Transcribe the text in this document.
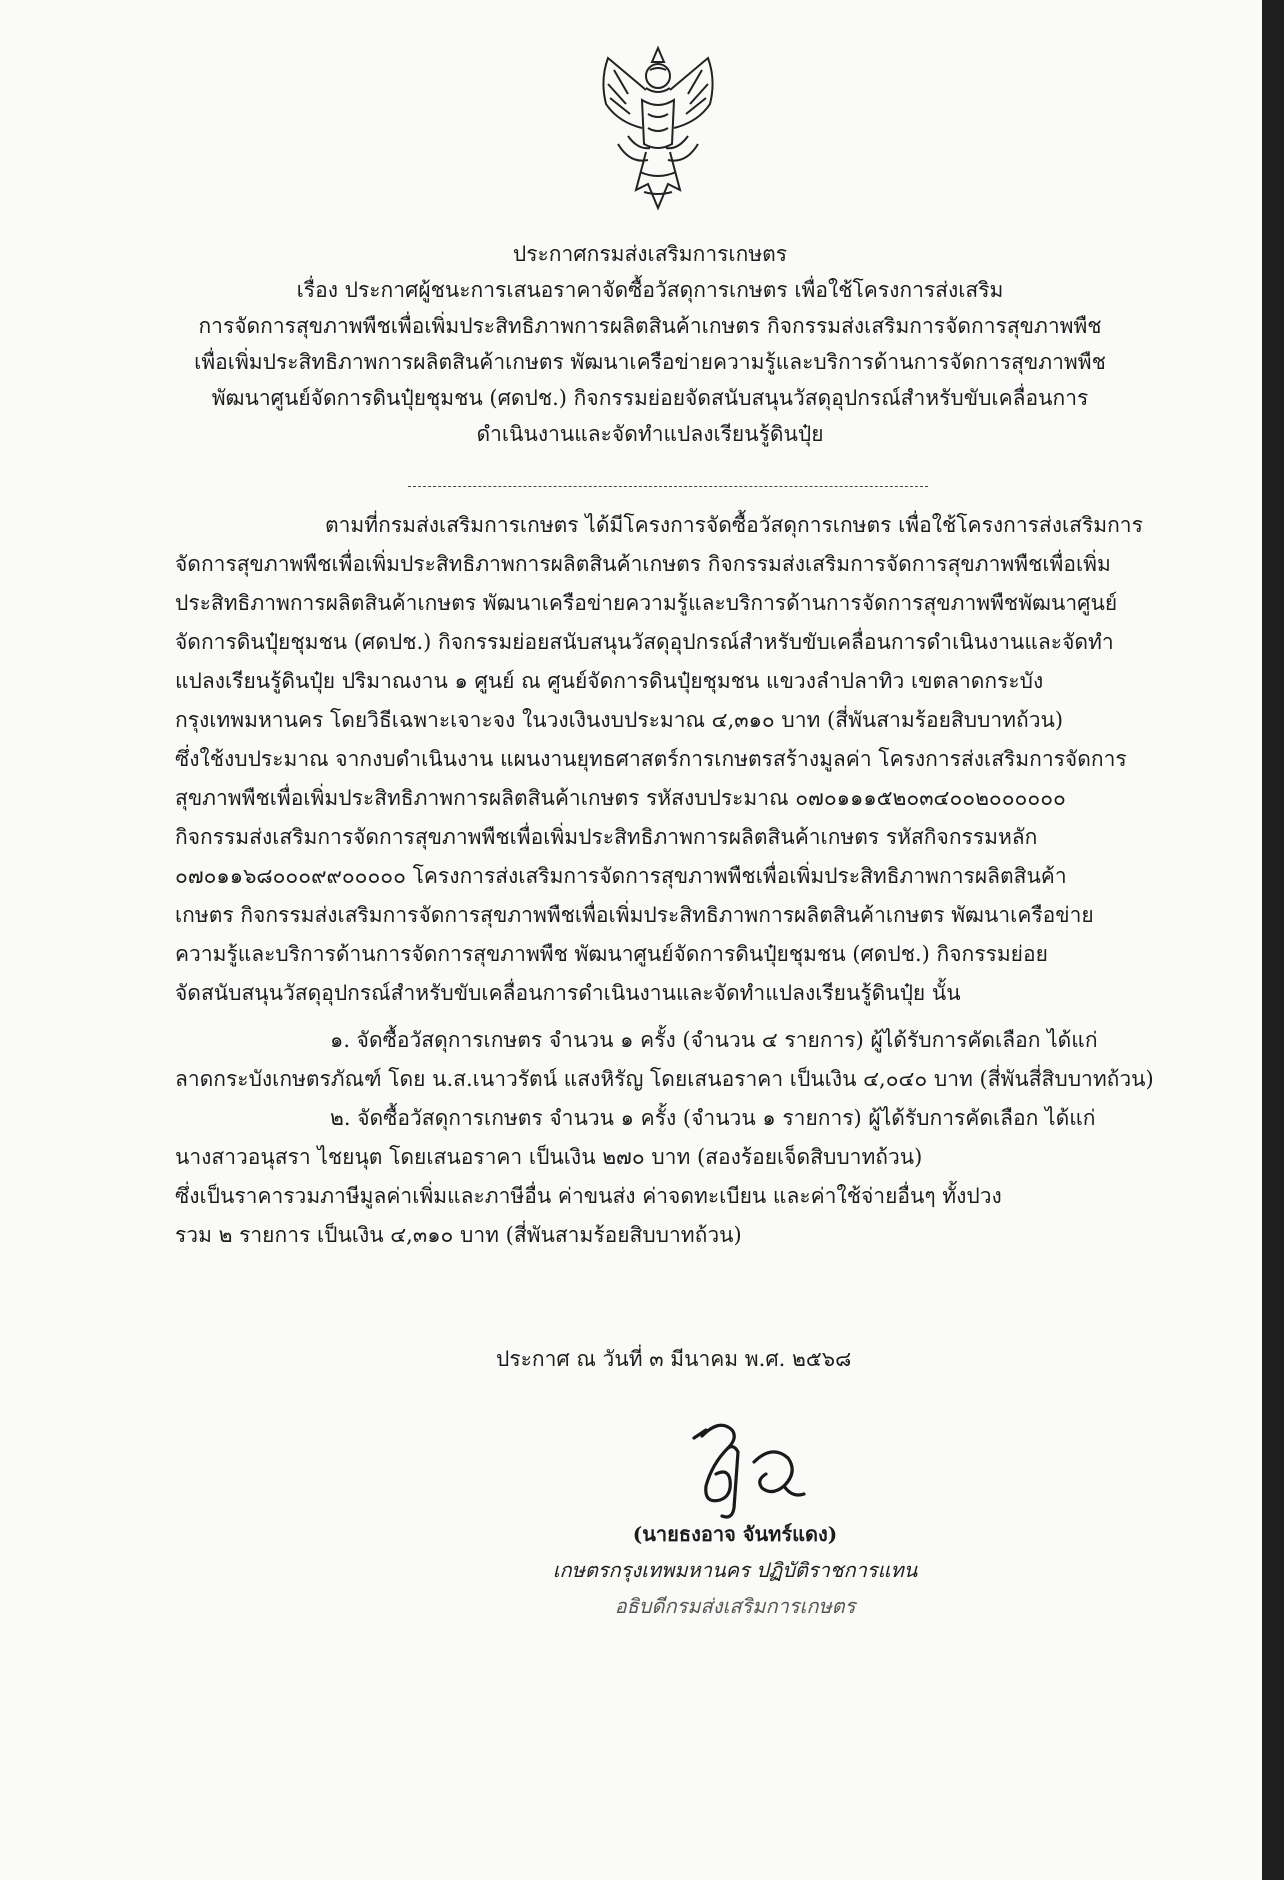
ประกาศกรมส่งเสริมการเกษตร
เรื่อง ประกาศผู้ชนะการเสนอราคาจัดซื้อวัสดุการเกษตร เพื่อใช้โครงการส่งเสริม
การจัดการสุขภาพพืชเพื่อเพิ่มประสิทธิภาพการผลิตสินค้าเกษตร กิจกรรมส่งเสริมการจัดการสุขภาพพืช
เพื่อเพิ่มประสิทธิภาพการผลิตสินค้าเกษตร พัฒนาเครือข่ายความรู้และบริการด้านการจัดการสุขภาพพืช
พัฒนาศูนย์จัดการดินปุ๋ยชุมชน (ศดปช.) กิจกรรมย่อยจัดสนับสนุนวัสดุอุปกรณ์สำหรับขับเคลื่อนการ
ดำเนินงานและจัดทำแปลงเรียนรู้ดินปุ๋ย
ตามที่กรมส่งเสริมการเกษตร ได้มีโครงการจัดซื้อวัสดุการเกษตร เพื่อใช้โครงการส่งเสริมการ
จัดการสุขภาพพืชเพื่อเพิ่มประสิทธิภาพการผลิตสินค้าเกษตร กิจกรรมส่งเสริมการจัดการสุขภาพพืชเพื่อเพิ่ม
ประสิทธิภาพการผลิตสินค้าเกษตร พัฒนาเครือข่ายความรู้และบริการด้านการจัดการสุขภาพพืชพัฒนาศูนย์
จัดการดินปุ๋ยชุมชน (ศดปช.) กิจกรรมย่อยสนับสนุนวัสดุอุปกรณ์สำหรับขับเคลื่อนการดำเนินงานและจัดทำ
แปลงเรียนรู้ดินปุ๋ย ปริมาณงาน ๑ ศูนย์ ณ ศูนย์จัดการดินปุ๋ยชุมชน แขวงลำปลาทิว เขตลาดกระบัง
กรุงเทพมหานคร โดยวิธีเฉพาะเจาะจง ในวงเงินงบประมาณ ๔,๓๑๐ บาท (สี่พันสามร้อยสิบบาทถ้วน)
ซึ่งใช้งบประมาณ จากงบดำเนินงาน แผนงานยุทธศาสตร์การเกษตรสร้างมูลค่า โครงการส่งเสริมการจัดการ
สุขภาพพืชเพื่อเพิ่มประสิทธิภาพการผลิตสินค้าเกษตร รหัสงบประมาณ ๐๗๐๑๑๑๕๒๐๓๔๐๐๒๐๐๐๐๐๐
กิจกรรมส่งเสริมการจัดการสุขภาพพืชเพื่อเพิ่มประสิทธิภาพการผลิตสินค้าเกษตร รหัสกิจกรรมหลัก
๐๗๐๑๑๖๘๐๐๐๙๙๐๐๐๐๐ โครงการส่งเสริมการจัดการสุขภาพพืชเพื่อเพิ่มประสิทธิภาพการผลิตสินค้า
เกษตร กิจกรรมส่งเสริมการจัดการสุขภาพพืชเพื่อเพิ่มประสิทธิภาพการผลิตสินค้าเกษตร พัฒนาเครือข่าย
ความรู้และบริการด้านการจัดการสุขภาพพืช พัฒนาศูนย์จัดการดินปุ๋ยชุมชน (ศดปช.) กิจกรรมย่อย
จัดสนับสนุนวัสดุอุปกรณ์สำหรับขับเคลื่อนการดำเนินงานและจัดทำแปลงเรียนรู้ดินปุ๋ย นั้น
๑. จัดซื้อวัสดุการเกษตร จำนวน ๑ ครั้ง (จำนวน ๔ รายการ) ผู้ได้รับการคัดเลือก ได้แก่
ลาดกระบังเกษตรภัณฑ์ โดย น.ส.เนาวรัตน์ แสงหิรัญ โดยเสนอราคา เป็นเงิน ๔,๐๔๐ บาท (สี่พันสี่สิบบาทถ้วน)
๒. จัดซื้อวัสดุการเกษตร จำนวน ๑ ครั้ง (จำนวน ๑ รายการ) ผู้ได้รับการคัดเลือก ได้แก่
นางสาวอนุสรา ไชยนุต โดยเสนอราคา เป็นเงิน ๒๗๐ บาท (สองร้อยเจ็ดสิบบาทถ้วน)
ซึ่งเป็นราคารวมภาษีมูลค่าเพิ่มและภาษีอื่น ค่าขนส่ง ค่าจดทะเบียน และค่าใช้จ่ายอื่นๆ ทั้งปวง
รวม ๒ รายการ เป็นเงิน ๔,๓๑๐ บาท (สี่พันสามร้อยสิบบาทถ้วน)
ประกาศ ณ วันที่ ๓ มีนาคม พ.ศ. ๒๕๖๘
(นายธงอาจ จันทร์แดง)
เกษตรกรุงเทพมหานคร ปฏิบัติราชการแทน
อธิบดีกรมส่งเสริมการเกษตร
